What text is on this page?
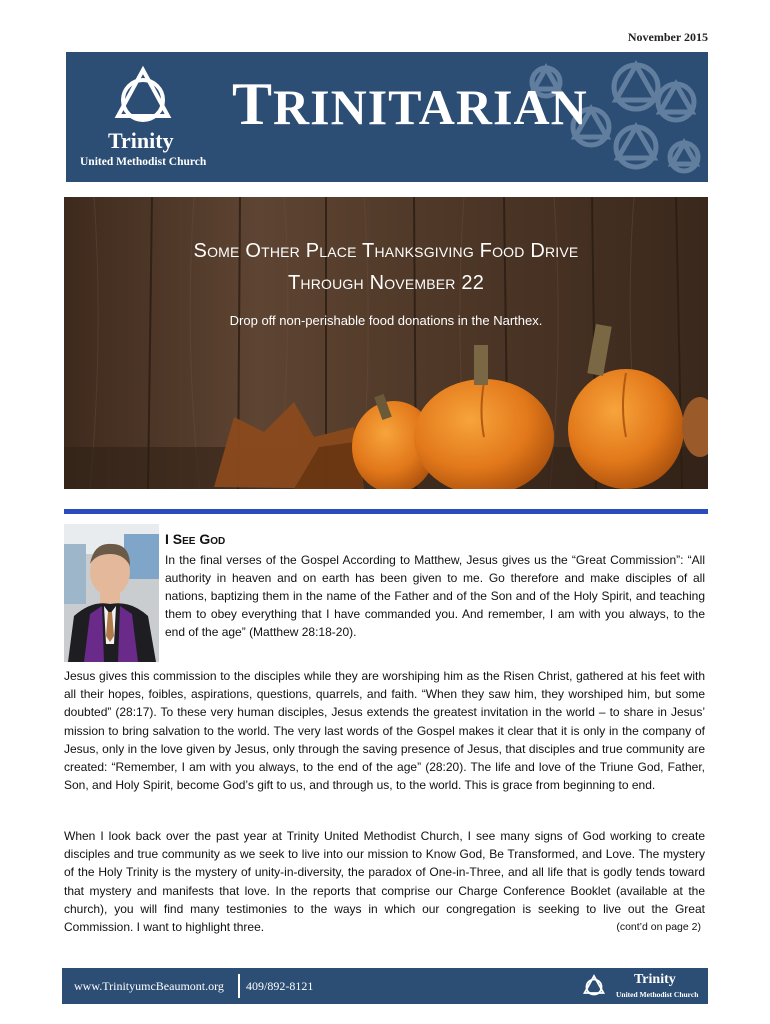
November 2015
Trinity
United Methodist Church
TRINITARIAN
Some Other Place Thanksgiving Food Drive
Through November 22
Drop off non-perishable food donations in the Narthex.
I See God
In the final verses of the Gospel According to Matthew, Jesus gives us the “Great Commission”: “All authority in heaven and on earth has been given to me. Go therefore and make disciples of all nations, baptizing them in the name of the Father and of the Son and of the Holy Spirit, and teaching them to obey everything that I have commanded you. And remember, I am with you always, to the end of the age” (Matthew 28:18-20).
Jesus gives this commission to the disciples while they are worshiping him as the Risen Christ, gathered at his feet with all their hopes, foibles, aspirations, questions, quarrels, and faith. “When they saw him, they worshiped him, but some doubted” (28:17). To these very human disciples, Jesus extends the greatest invitation in the world – to share in Jesus’ mission to bring salvation to the world. The very last words of the Gospel makes it clear that it is only in the company of Jesus, only in the love given by Jesus, only through the saving presence of Jesus, that disciples and true community are created: “Remember, I am with you always, to the end of the age” (28:20). The life and love of the Triune God, Father, Son, and Holy Spirit, become God’s gift to us, and through us, to the world. This is grace from beginning to end.
When I look back over the past year at Trinity United Methodist Church, I see many signs of God working to create disciples and true community as we seek to live into our mission to Know God, Be Transformed, and Love. The mystery of the Holy Trinity is the mystery of unity-in-diversity, the paradox of One-in-Three, and all life that is godly tends toward that mystery and manifests that love. In the reports that comprise our Charge Conference Booklet (available at the church), you will find many testimonies to the ways in which our congregation is seeking to live out the Great Commission. I want to highlight three.	(cont’d on page 2)
www.TrinityumcBeaumont.org 409/892-8121	Trinity
United Methodist Church
